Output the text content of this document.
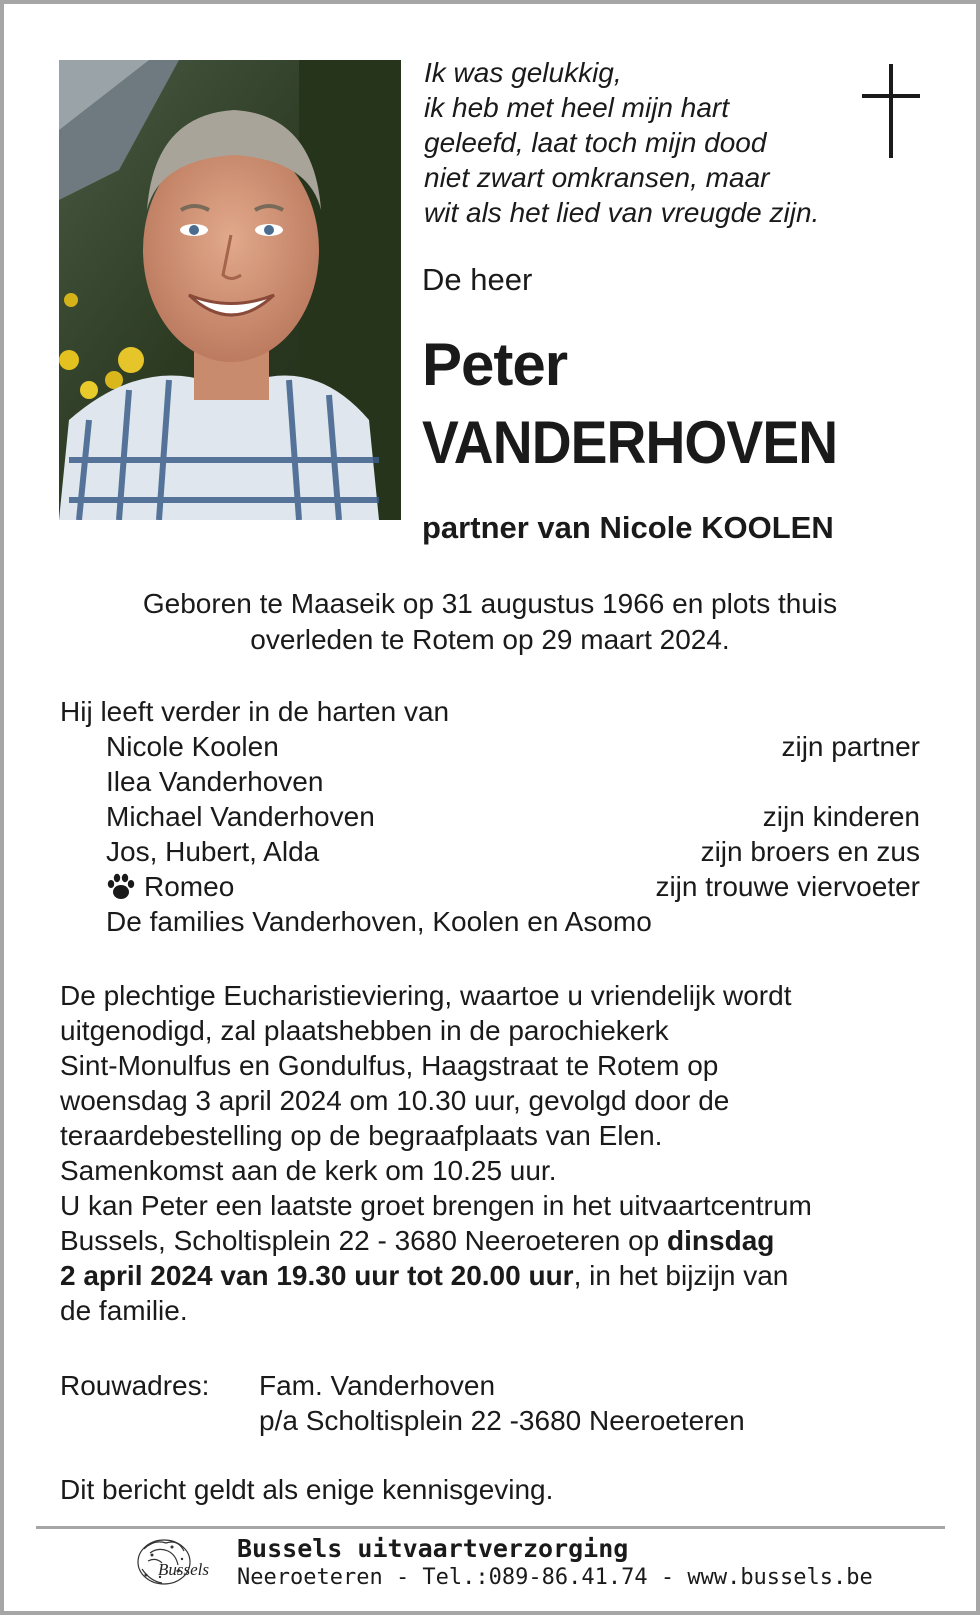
Ik was gelukkig,
ik heb met heel mijn hart
geleefd, laat toch mijn dood
niet zwart omkransen, maar
wit als het lied van vreugde zijn.
De heer
Peter
VANDERHOVEN
partner van Nicole KOOLEN
Geboren te Maaseik op 31 augustus 1966 en plots thuis
overleden te Rotem op 29 maart 2024.
Hij leeft verder in de harten van
Nicole Koolen	zijn partner
Ilea Vanderhoven
Michael Vanderhoven	zijn kinderen
Jos, Hubert, Alda	zijn broers en zus
Romeo	zijn trouwe viervoeter
De families Vanderhoven, Koolen en Asomo
De plechtige Eucharistieviering, waartoe u vriendelijk wordt
uitgenodigd, zal plaatshebben in de parochiekerk
Sint-Monulfus en Gondulfus, Haagstraat te Rotem op
woensdag 3 april 2024 om 10.30 uur, gevolgd door de
teraardebestelling op de begraafplaats van Elen.
Samenkomst aan de kerk om 10.25 uur.
U kan Peter een laatste groet brengen in het uitvaartcentrum
Bussels, Scholtisplein 22 - 3680 Neeroeteren op dinsdag
2 april 2024 van 19.30 uur tot 20.00 uur, in het bijzijn van
de familie.
Rouwadres: Fam. Vanderhoven
p/a Scholtisplein 22 -3680 Neeroeteren
Dit bericht geldt als enige kennisgeving.
Bussels
Bussels uitvaartverzorging
Neeroeteren - Tel.:089-86.41.74 - www.bussels.be
